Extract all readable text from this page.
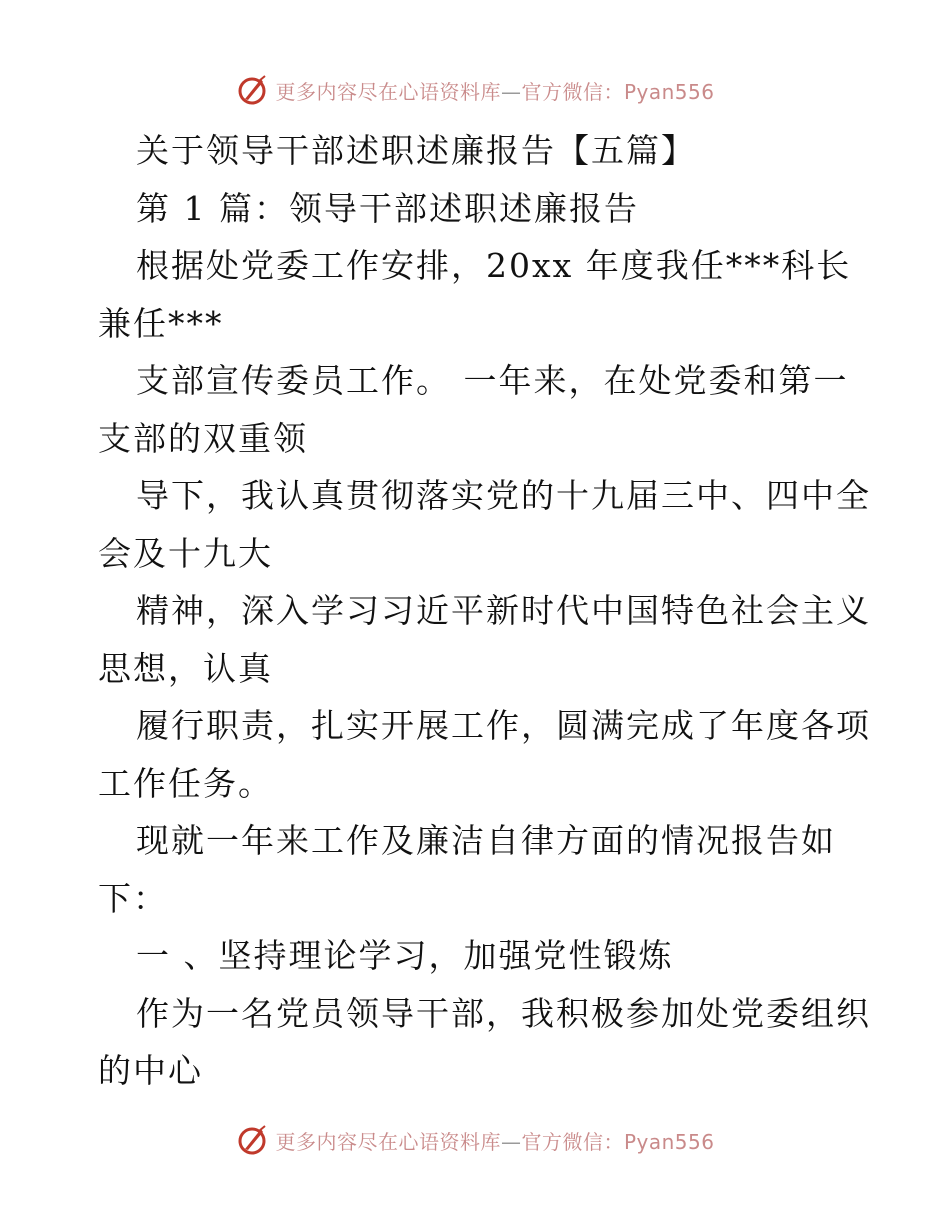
更多内容尽在心语资料库—官方微信：Pyan556
关于领导干部述职述廉报告【五篇】
第 1 篇：领导干部述职述廉报告
根据处党委工作安排，20xx 年度我任***科长
兼任***
支部宣传委员工作。 一年来，在处党委和第一
支部的双重领
导下，我认真贯彻落实党的十九届三中、四中全
会及十九大
精神，深入学习习近平新时代中国特色社会主义
思想，认真
履行职责，扎实开展工作，圆满完成了年度各项
工作任务。
现就一年来工作及廉洁自律方面的情况报告如
下：
一 、坚持理论学习，加强党性锻炼
作为一名党员领导干部，我积极参加处党委组织
的中心
更多内容尽在心语资料库—官方微信：Pyan556
